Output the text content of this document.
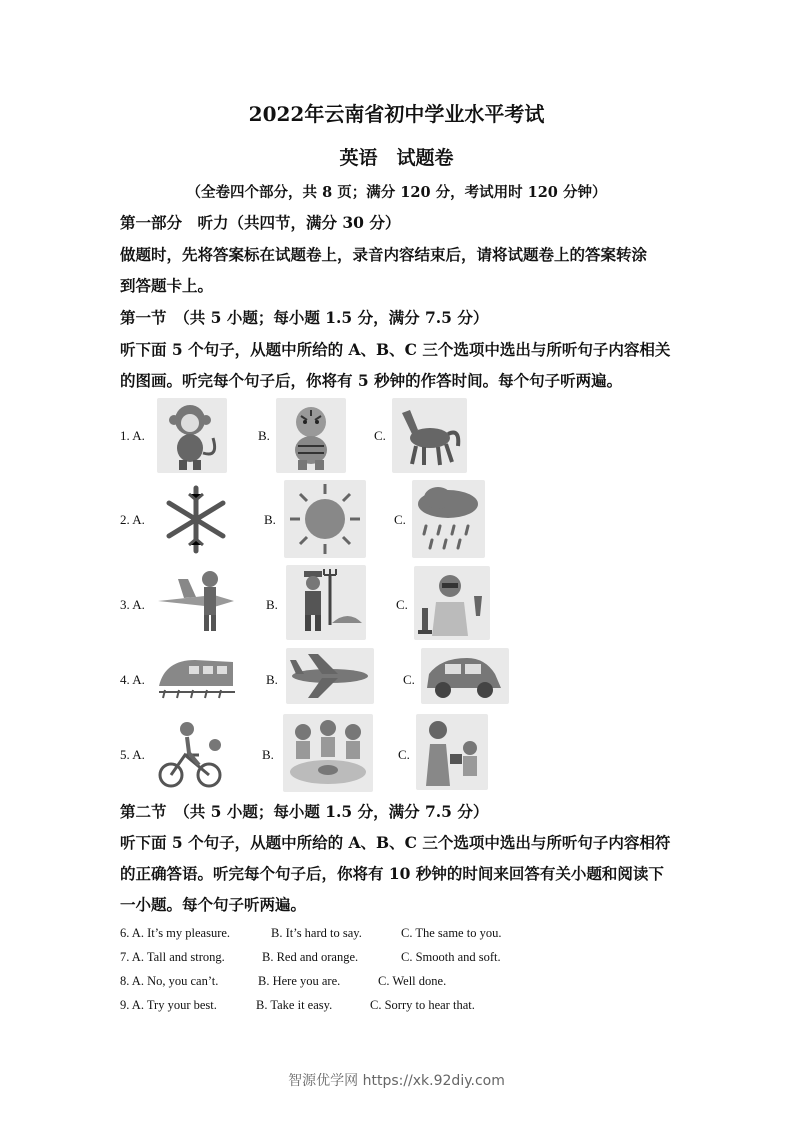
2022年云南省初中学业水平考试
英语　试题卷
（全卷四个部分，共 8 页；满分 120 分，考试用时 120 分钟）
第一部分　听力（共四节，满分 30 分）
做题时，先将答案标在试题卷上，录音内容结束后，请将试题卷上的答案转涂
到答题卡上。
第一节　（共 5 小题；每小题 1.5 分，满分 7.5 分）
听下面 5 个句子，从题中所给的 A、B、C 三个选项中选出与所听句子内容相关
的图画。听完每个句子后，你将有 5 秒钟的作答时间。每个句子听两遍。
1. A.	B.	C.
2. A.	B.	C.
3. A.	B.	C.
4. A.	B.	C.
5. A.	B.	C.
第二节　（共 5 小题；每小题 1.5 分，满分 7.5 分）
听下面 5 个句子，从题中所给的 A、B、C 三个选项中选出与所听句子内容相符
的正确答语。听完每个句子后，你将有 10 秒钟的时间来回答有关小题和阅读下
一小题。每个句子听两遍。
6. A. It’s my pleasure.	B. It’s hard to say.	C. The same to you.
7. A. Tall and strong.	B. Red and orange.	C. Smooth and soft.
8. A. No, you can’t.	B. Here you are.	C. Well done.
9. A. Try your best.	B. Take it easy.	C. Sorry to hear that.
智源优学网 https://xk.92diy.com
